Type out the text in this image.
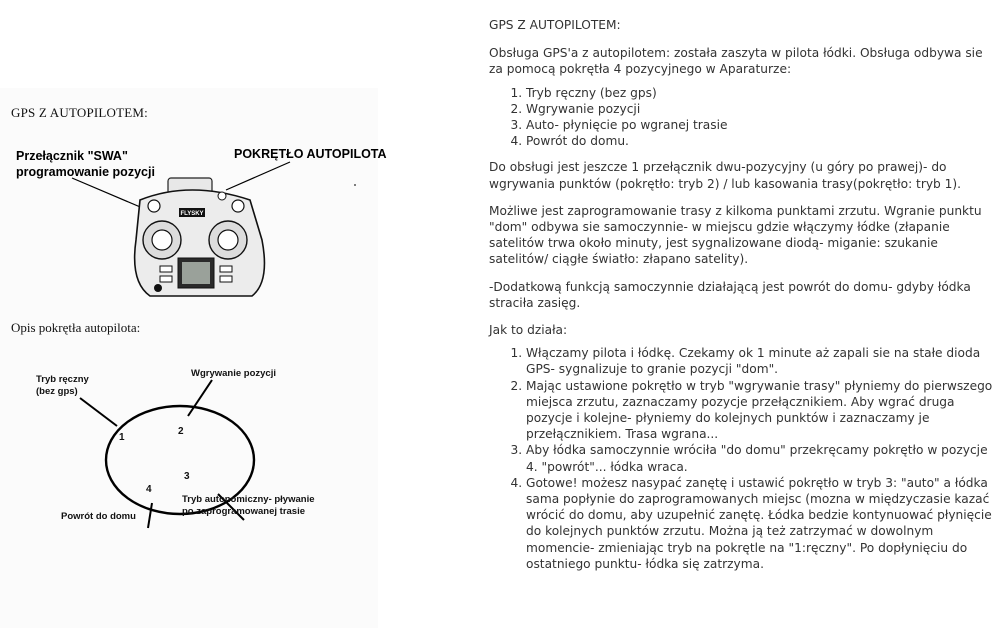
GPS Z AUTOPILOTEM:
Przełącznik "SWA"
programowanie pozycji
POKRĘTŁO AUTOPILOTA
FLYSKY
Opis pokrętła autopilota:
Tryb ręczny
(bez gps)
Wgrywanie pozycji
Tryb autonomiczny- pływanie
po zaprogramowanej trasie
Powrót do domu
1
2
3
4
GPS Z AUTOPILOTEM:

Obsługa GPS'a z autopilotem: została zaszyta w pilota łódki. Obsługa odbywa sie za pomocą pokrętła 4 pozycyjnego w Aparaturze:

1. Tryb ręczny (bez gps)
2. Wgrywanie pozycji
3. Auto- płynięcie po wgranej trasie
4. Powrót do domu.

Do obsługi jest jeszcze 1 przełącznik dwu-pozycyjny (u góry po prawej)- do wgrywania punktów (pokrętło: tryb 2) / lub kasowania trasy(pokrętło: tryb 1).

Możliwe jest zaprogramowanie trasy z kilkoma punktami zrzutu. Wgranie punktu "dom" odbywa sie samoczynnie- w miejscu gdzie włączymy łódke (złapanie satelitów trwa około minuty, jest sygnalizowane diodą- miganie: szukanie satelitów/ ciągłe światło: złapano satelity).

-Dodatkową funkcją samoczynnie działającą jest powrót do domu- gdyby łódka straciła zasięg.

Jak to działa:

1. Włączamy pilota i łódkę. Czekamy ok 1 minute aż zapali sie na stałe dioda GPS- sygnalizuje to granie pozycji "dom".
2. Mając ustawione pokrętło w tryb "wgrywanie trasy" płyniemy do pierwszego miejsca zrzutu, zaznaczamy pozycje przełącznikiem. Aby wgrać druga pozycje i kolejne- płyniemy do kolejnych punktów i zaznaczamy je przełącznikiem. Trasa wgrana...
3. Aby łódka samoczynnie wróciła "do domu" przekręcamy pokrętło w pozycje 4. "powrót"... łódka wraca.
4. Gotowe! możesz nasypać zanętę i ustawić pokrętło w tryb 3: "auto" a łódka sama popłynie do zaprogramowanych miejsc (mozna w międzyczasie kazać wrócić do domu, aby uzupełnić zanętę. Łódka bedzie kontynuować płynięcie do kolejnych punktów zrzutu. Można ją też zatrzymać w dowolnym momencie- zmieniając tryb na pokrętle na "1:ręczny". Po dopłynięciu do ostatniego punktu- łódka się zatrzyma.
